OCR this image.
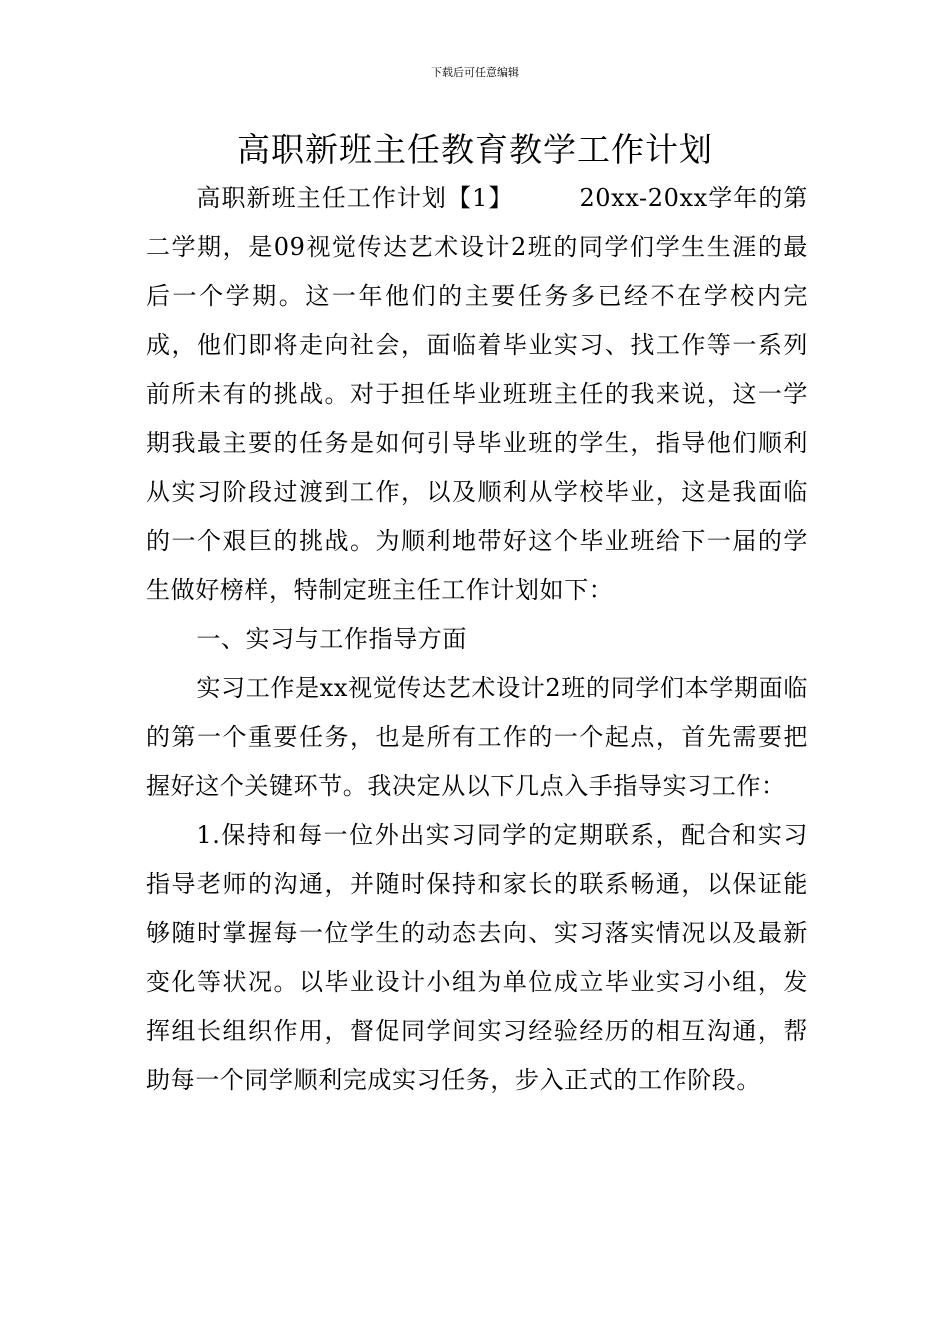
下载后可任意编辑
高职新班主任教育教学工作计划

高职新班主任工作计划【1】	20xx-20xx学年的第二学期，是09视觉传达艺术设计2班的同学们学生生涯的最后一个学期。这一年他们的主要任务多已经不在学校内完成，他们即将走向社会，面临着毕业实习、找工作等一系列前所未有的挑战。对于担任毕业班班主任的我来说，这一学期我最主要的任务是如何引导毕业班的学生，指导他们顺利从实习阶段过渡到工作，以及顺利从学校毕业，这是我面临的一个艰巨的挑战。为顺利地带好这个毕业班给下一届的学生做好榜样，特制定班主任工作计划如下：

一、实习与工作指导方面

实习工作是xx视觉传达艺术设计2班的同学们本学期面临的第一个重要任务，也是所有工作的一个起点，首先需要把握好这个关键环节。我决定从以下几点入手指导实习工作：

1.保持和每一位外出实习同学的定期联系，配合和实习指导老师的沟通，并随时保持和家长的联系畅通，以保证能够随时掌握每一位学生的动态去向、实习落实情况以及最新变化等状况。以毕业设计小组为单位成立毕业实习小组，发挥组长组织作用，督促同学间实习经验经历的相互沟通，帮助每一个同学顺利完成实习任务，步入正式的工作阶段。
